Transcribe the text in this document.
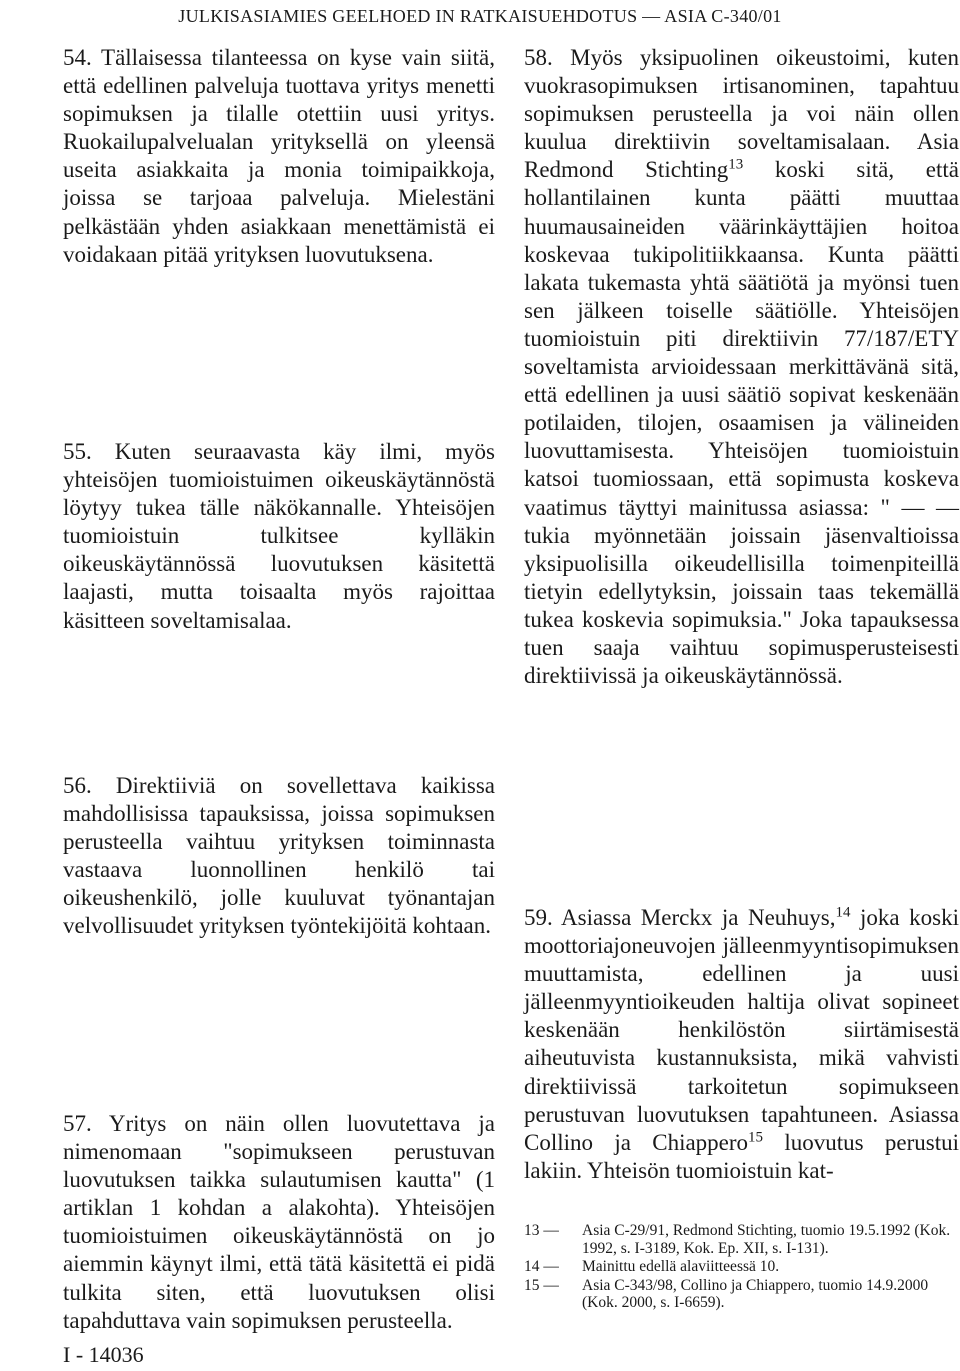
JULKISASIAMIES GEELHOED IN RATKAISUEHDOTUS — ASIA C-340/01

54. Tällaisessa tilanteessa on kyse vain siitä, että edellinen palveluja tuottava yritys menetti sopimuksen ja tilalle otettiin uusi yritys. Ruokailupalvelualan yrityksellä on yleensä useita asiakkaita ja monia toimipaikkoja, joissa se tarjoaa palveluja. Mielestäni pelkästään yhden asiakkaan menettämistä ei voidakaan pitää yrityksen luovutuksena.

55. Kuten seuraavasta käy ilmi, myös yhteisöjen tuomioistuimen oikeuskäytännöstä löytyy tukea tälle näkökannalle. Yhteisöjen tuomioistuin tulkitsee kylläkin oikeuskäytännössä luovutuksen käsitettä laajasti, mutta toisaalta myös rajoittaa käsitteen soveltamisalaa.

56. Direktiiviä on sovellettava kaikissa mahdollisissa tapauksissa, joissa sopimuksen perusteella vaihtuu yrityksen toiminnasta vastaava luonnollinen henkilö tai oikeushenkilö, jolle kuuluvat työnantajan velvollisuudet yrityksen työntekijöitä kohtaan.

57. Yritys on näin ollen luovutettava ja nimenomaan "sopimukseen perustuvan luovutuksen taikka sulautumisen kautta" (1 artiklan 1 kohdan a alakohta). Yhteisöjen tuomioistuimen oikeuskäytännöstä on jo aiemmin käynyt ilmi, että tätä käsitettä ei pidä tulkita siten, että luovutuksen olisi tapahduttava vain sopimuksen perusteella.

58. Myös yksipuolinen oikeustoimi, kuten vuokrasopimuksen irtisanominen, tapahtuu sopimuksen perusteella ja voi näin ollen kuulua direktiivin soveltamisalaan. Asia Redmond Stichting$^{13}$ koski sitä, että hollantilainen kunta päätti muuttaa huumausaineiden väärinkäyttäjien hoitoa koskevaa tukipolitiikkaansa. Kunta päätti lakata tukemasta yhtä säätiötä ja myönsi tuen sen jälkeen toiselle säätiölle. Yhteisöjen tuomioistuin piti direktiivin 77/187/ETY soveltamista arvioidessaan merkittävänä sitä, että edellinen ja uusi säätiö sopivat keskenään potilaiden, tilojen, osaamisen ja välineiden luovuttamisesta. Yhteisöjen tuomioistuin katsoi tuomiossaan, että sopimusta koskeva vaatimus täyttyi mainitussa asiassa: " — — tukia myönnetään joissain jäsenvaltioissa yksipuolisilla oikeudellisilla toimenpiteillä tietyin edellytyksin, joissain taas tekemällä tukea koskevia sopimuksia." Joka tapauksessa tuen saaja vaihtuu sopimusperusteisesti direktiivissä ja oikeuskäytännössä.

59. Asiassa Merckx ja Neuhuys,$^{14}$ joka koski moottoriajoneuvojen jälleenmyyntisopimuksen muuttamista, edellinen ja uusi jälleenmyyntioikeuden haltija olivat sopineet keskenään henkilöstön siirtämisestä aiheutuvista kustannuksista, mikä vahvisti direktiivissä tarkoitetun sopimukseen perustuvan luovutuksen tapahtuneen. Asiassa Collino ja Chiappero$^{15}$ luovutus perustui lakiin. Yhteisön tuomioistuin kat-

13 —	Asia C-29/91, Redmond Stichting, tuomio 19.5.1992 (Kok. 1992, s. I-3189, Kok. Ep. XII, s. I-131).
14 —	Mainittu edellä alaviitteessä 10.
15 —	Asia C-343/98, Collino ja Chiappero, tuomio 14.9.2000 (Kok. 2000, s. I-6659).
I - 14036
